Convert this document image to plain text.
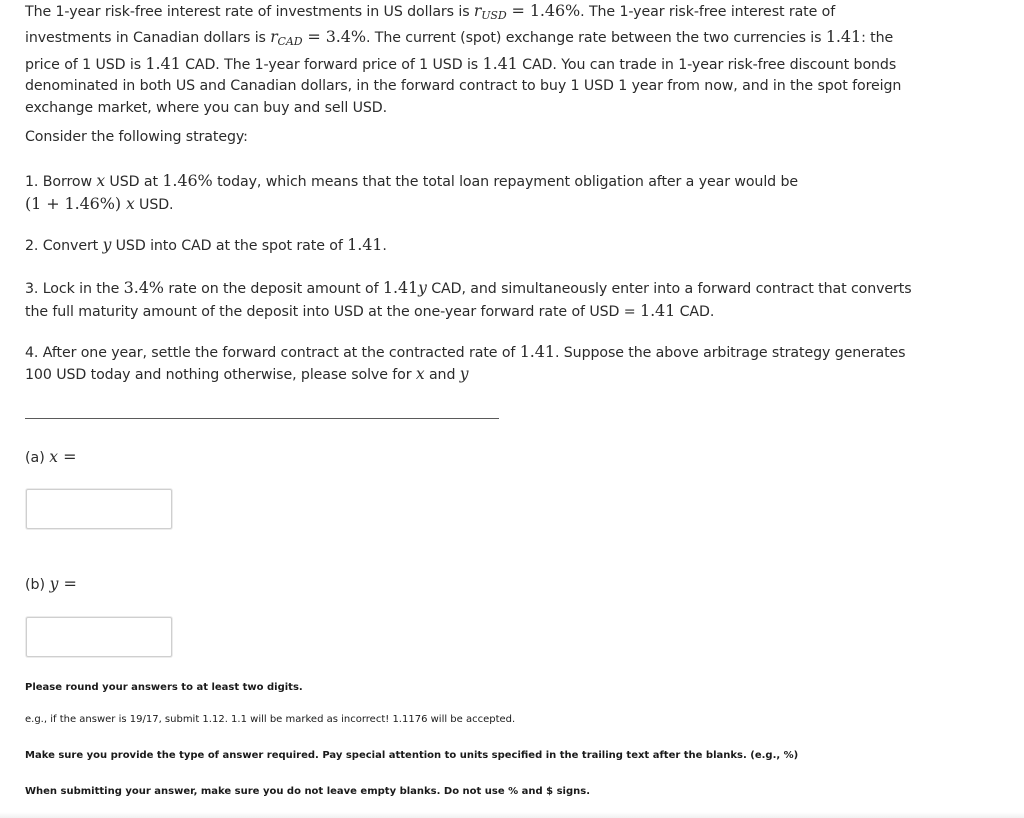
The 1-year risk-free interest rate of investments in US dollars is $r_{USD} = 1.46\%$. The 1-year risk-free interest rate of investments in Canadian dollars is $r_{CAD} = 3.4\%$. The current (spot) exchange rate between the two currencies is 1.41: the price of 1 USD is 1.41 CAD. The 1-year forward price of 1 USD is 1.41 CAD. You can trade in 1-year risk-free discount bonds denominated in both US and Canadian dollars, in the forward contract to buy 1 USD 1 year from now, and in the spot foreign exchange market, where you can buy and sell USD.

Consider the following strategy:

1. Borrow x USD at 1.46% today, which means that the total loan repayment obligation after a year would be
(1 + 1.46%) x USD.

2. Convert y USD into CAD at the spot rate of 1.41.

3. Lock in the 3.4% rate on the deposit amount of 1.41y CAD, and simultaneously enter into a forward contract that converts the full maturity amount of the deposit into USD at the one-year forward rate of USD = 1.41 CAD.

4. After one year, settle the forward contract at the contracted rate of 1.41. Suppose the above arbitrage strategy generates 100 USD today and nothing otherwise, please solve for x and y

(a) x =
(b) y =
Please round your answers to at least two digits.
e.g., if the answer is 19/17, submit 1.12. 1.1 will be marked as incorrect! 1.1176 will be accepted.
Make sure you provide the type of answer required. Pay special attention to units specified in the trailing text after the blanks. (e.g., %)
When submitting your answer, make sure you do not leave empty blanks. Do not use % and $ signs.
